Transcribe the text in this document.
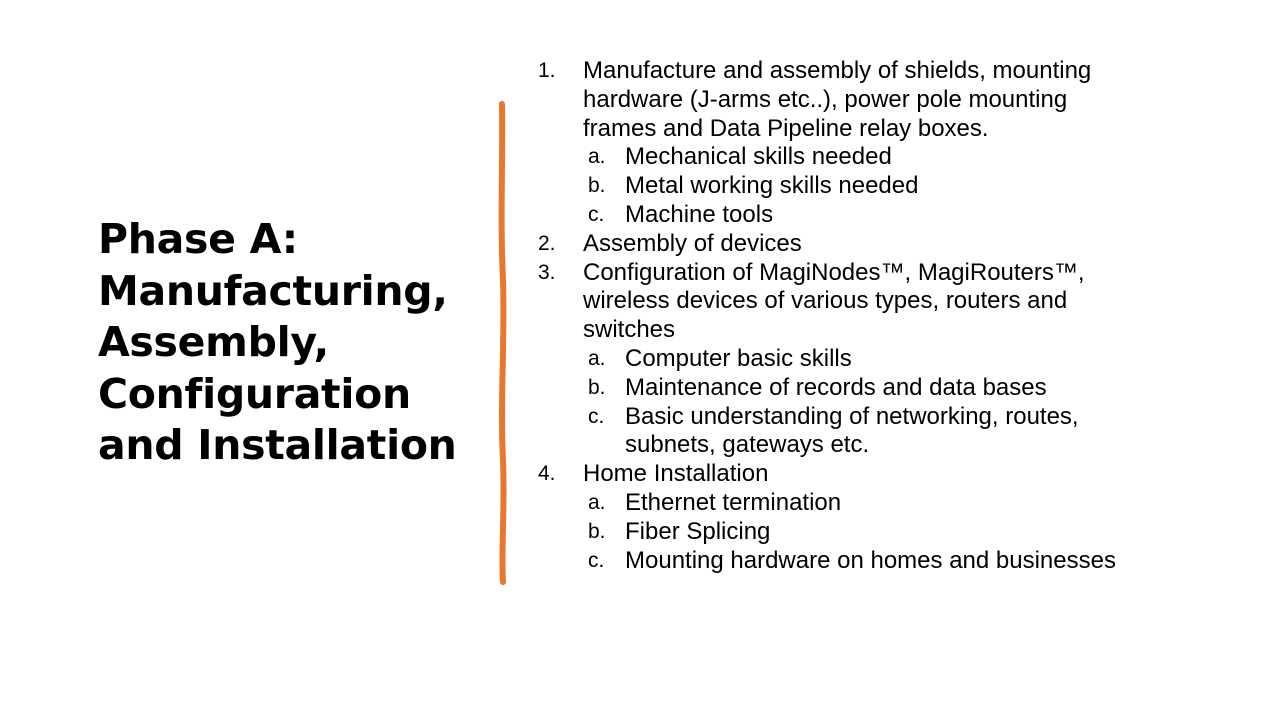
Phase A:
Manufacturing,
Assembly,
Configuration
and Installation
1. Manufacture and assembly of shields, mounting
hardware (J-arms etc..), power pole mounting
frames and Data Pipeline relay boxes.
a. Mechanical skills needed
b. Metal working skills needed
c. Machine tools
2. Assembly of devices
3. Configuration of MagiNodes™, MagiRouters™,
wireless devices of various types, routers and
switches
a. Computer basic skills
b. Maintenance of records and data bases
c. Basic understanding of networking, routes,
subnets, gateways etc.
4. Home Installation
a. Ethernet termination
b. Fiber Splicing
c. Mounting hardware on homes and businesses
